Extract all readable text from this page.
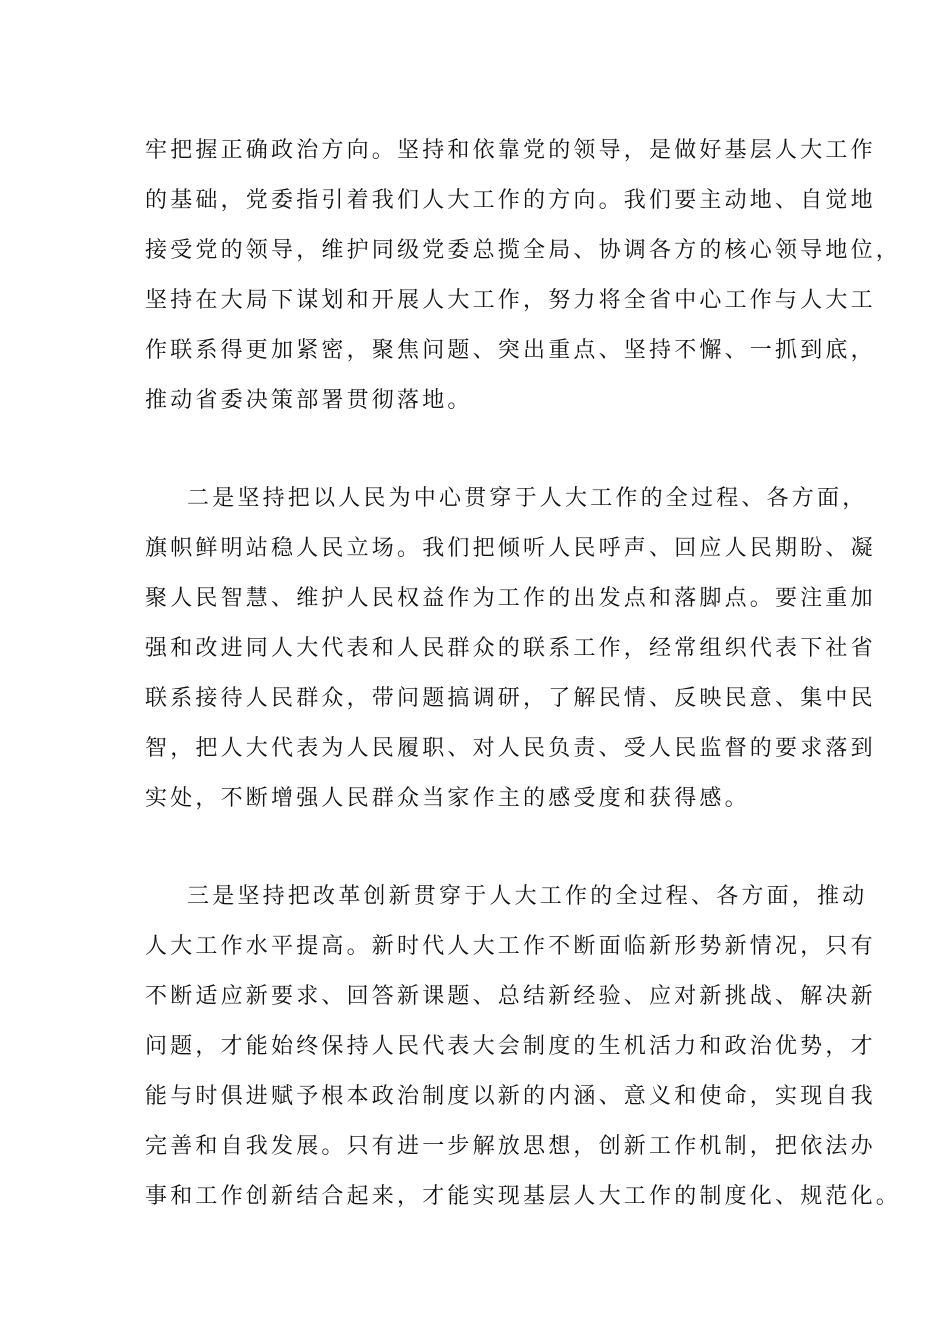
牢把握正确政治方向。坚持和依靠党的领导，是做好基层人大工作
的基础，党委指引着我们人大工作的方向。我们要主动地、自觉地
接受党的领导，维护同级党委总揽全局、协调各方的核心领导地位，
坚持在大局下谋划和开展人大工作，努力将全省中心工作与人大工
作联系得更加紧密，聚焦问题、突出重点、坚持不懈、一抓到底，
推动省委决策部署贯彻落地。
二是坚持把以人民为中心贯穿于人大工作的全过程、各方面，
旗帜鲜明站稳人民立场。我们把倾听人民呼声、回应人民期盼、凝
聚人民智慧、维护人民权益作为工作的出发点和落脚点。要注重加
强和改进同人大代表和人民群众的联系工作，经常组织代表下社省
联系接待人民群众，带问题搞调研，了解民情、反映民意、集中民
智，把人大代表为人民履职、对人民负责、受人民监督的要求落到
实处，不断增强人民群众当家作主的感受度和获得感。
三是坚持把改革创新贯穿于人大工作的全过程、各方面，推动
人大工作水平提高。新时代人大工作不断面临新形势新情况，只有
不断适应新要求、回答新课题、总结新经验、应对新挑战、解决新
问题，才能始终保持人民代表大会制度的生机活力和政治优势，才
能与时俱进赋予根本政治制度以新的内涵、意义和使命，实现自我
完善和自我发展。只有进一步解放思想，创新工作机制，把依法办
事和工作创新结合起来，才能实现基层人大工作的制度化、规范化。
